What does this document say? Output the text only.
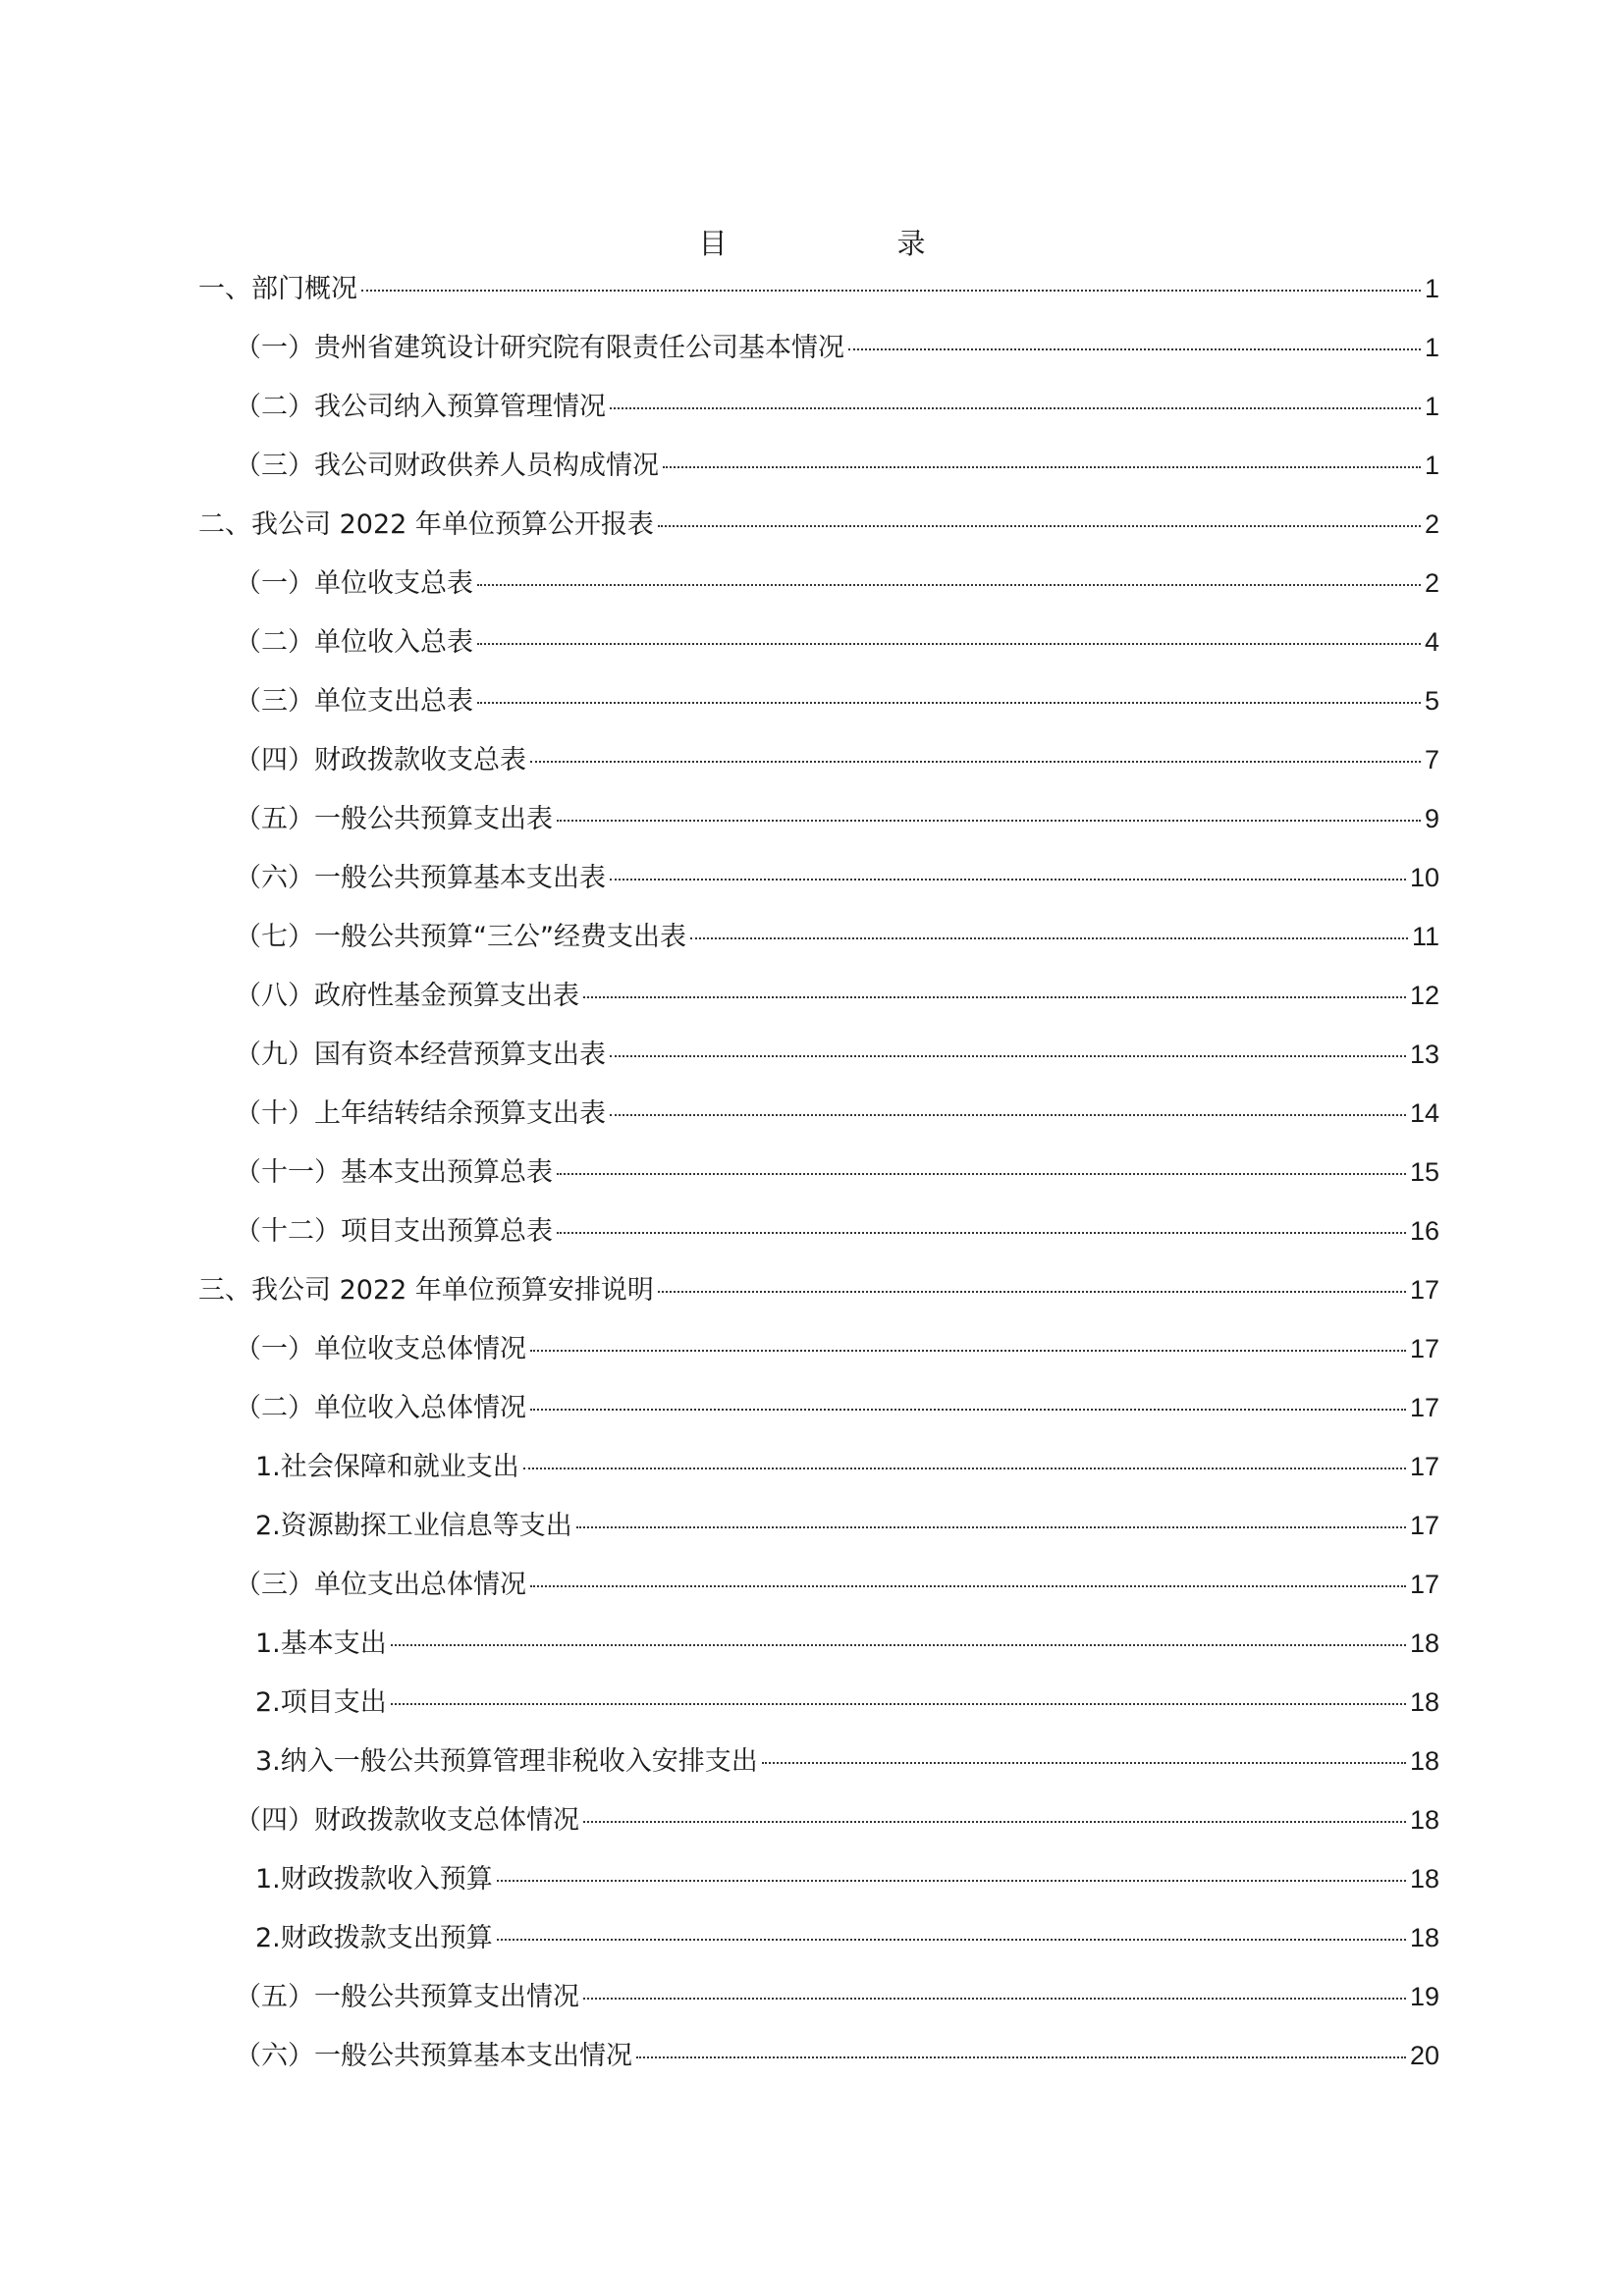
目　录
一、部门概况	1
（一）贵州省建筑设计研究院有限责任公司基本情况	1
（二）我公司纳入预算管理情况	1
（三）我公司财政供养人员构成情况	1
二、我公司 2022 年单位预算公开报表	2
（一）单位收支总表	2
（二）单位收入总表	4
（三）单位支出总表	5
（四）财政拨款收支总表	7
（五）一般公共预算支出表	9
（六）一般公共预算基本支出表	10
（七）一般公共预算“三公”经费支出表	11
（八）政府性基金预算支出表	12
（九）国有资本经营预算支出表	13
（十）上年结转结余预算支出表	14
（十一）基本支出预算总表	15
（十二）项目支出预算总表	16
三、我公司 2022 年单位预算安排说明	17
（一）单位收支总体情况	17
（二）单位收入总体情况	17
1.社会保障和就业支出	17
2.资源勘探工业信息等支出	17
（三）单位支出总体情况	17
1.基本支出	18
2.项目支出	18
3.纳入一般公共预算管理非税收入安排支出	18
（四）财政拨款收支总体情况	18
1.财政拨款收入预算	18
2.财政拨款支出预算	18
（五）一般公共预算支出情况	19
（六）一般公共预算基本支出情况	20
